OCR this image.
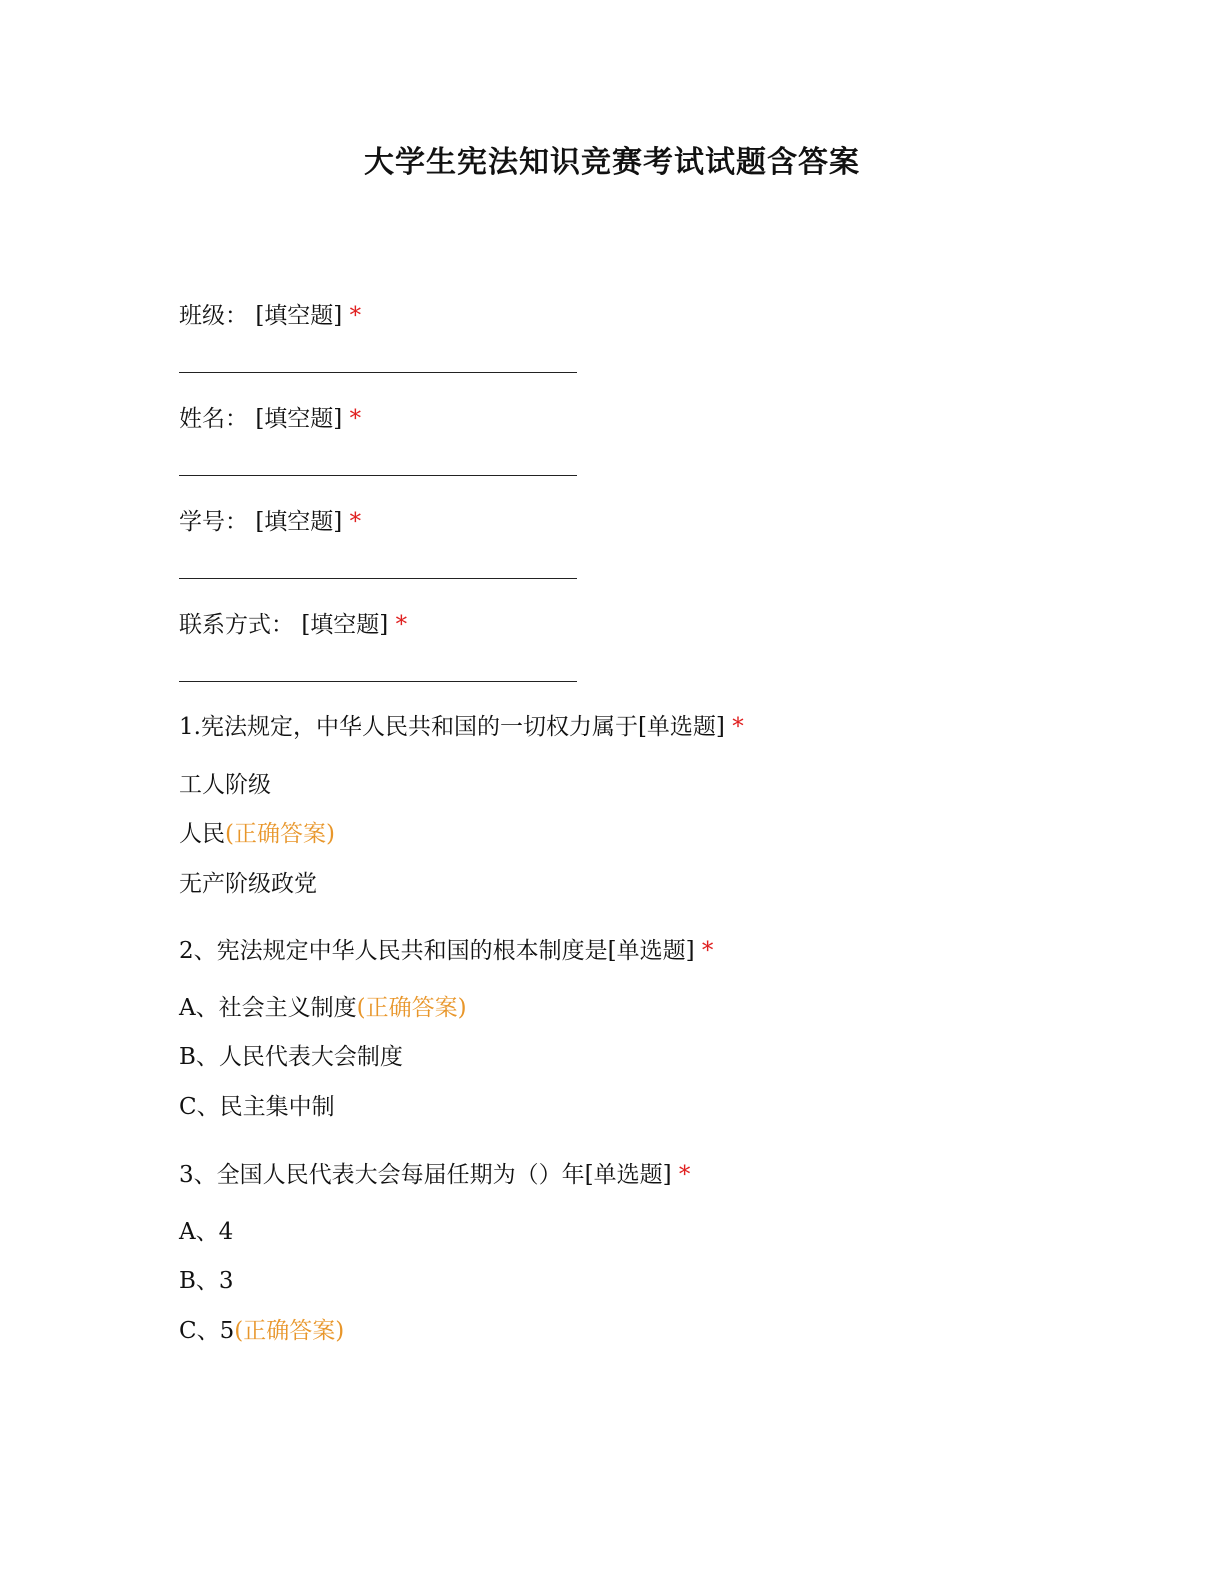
大学生宪法知识竞赛考试试题含答案
班级： [填空题] *
姓名： [填空题] *
学号： [填空题] *
联系方式： [填空题] *
1.宪法规定，中华人民共和国的一切权力属于[单选题] *
工人阶级
人民(正确答案)
无产阶级政党
2、宪法规定中华人民共和国的根本制度是[单选题] *
A、社会主义制度(正确答案)
B、人民代表大会制度
C、民主集中制
3、全国人民代表大会每届任期为（）年[单选题] *
A、4
B、3
C、5(正确答案)
